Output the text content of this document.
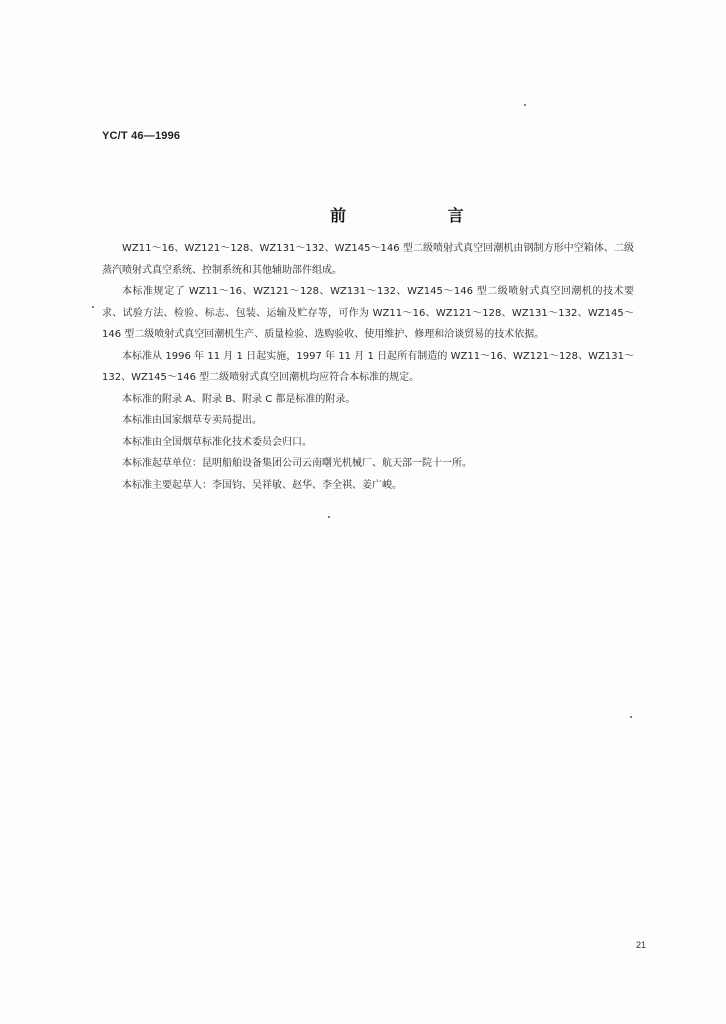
YC/T 46—1996
前 言

WZ11～16、WZ121～128、WZ131～132、WZ145～146 型二级喷射式真空回潮机由钢制方形中空箱体、二级蒸汽喷射式真空系统、控制系统和其他辅助部件组成。

本标准规定了 WZ11～16、WZ121～128、WZ131～132、WZ145～146 型二级喷射式真空回潮机的技术要求、试验方法、检验、标志、包装、运输及贮存等，可作为 WZ11～16、WZ121～128、WZ131～132、WZ145～146 型二级喷射式真空回潮机生产、质量检验、选购验收、使用维护、修理和洽谈贸易的技术依据。

本标准从 1996 年 11 月 1 日起实施，1997 年 11 月 1 日起所有制造的 WZ11～16、WZ121～128、WZ131～132、WZ145～146 型二级喷射式真空回潮机均应符合本标准的规定。

本标准的附录 A、附录 B、附录 C 都是标准的附录。

本标准由国家烟草专卖局提出。

本标准由全国烟草标准化技术委员会归口。

本标准起草单位：昆明船舶设备集团公司云南曙光机械厂、航天部一院十一所。

本标准主要起草人：李国钧、吴祥敏、赵华、李全祺、姜广峻。

21
